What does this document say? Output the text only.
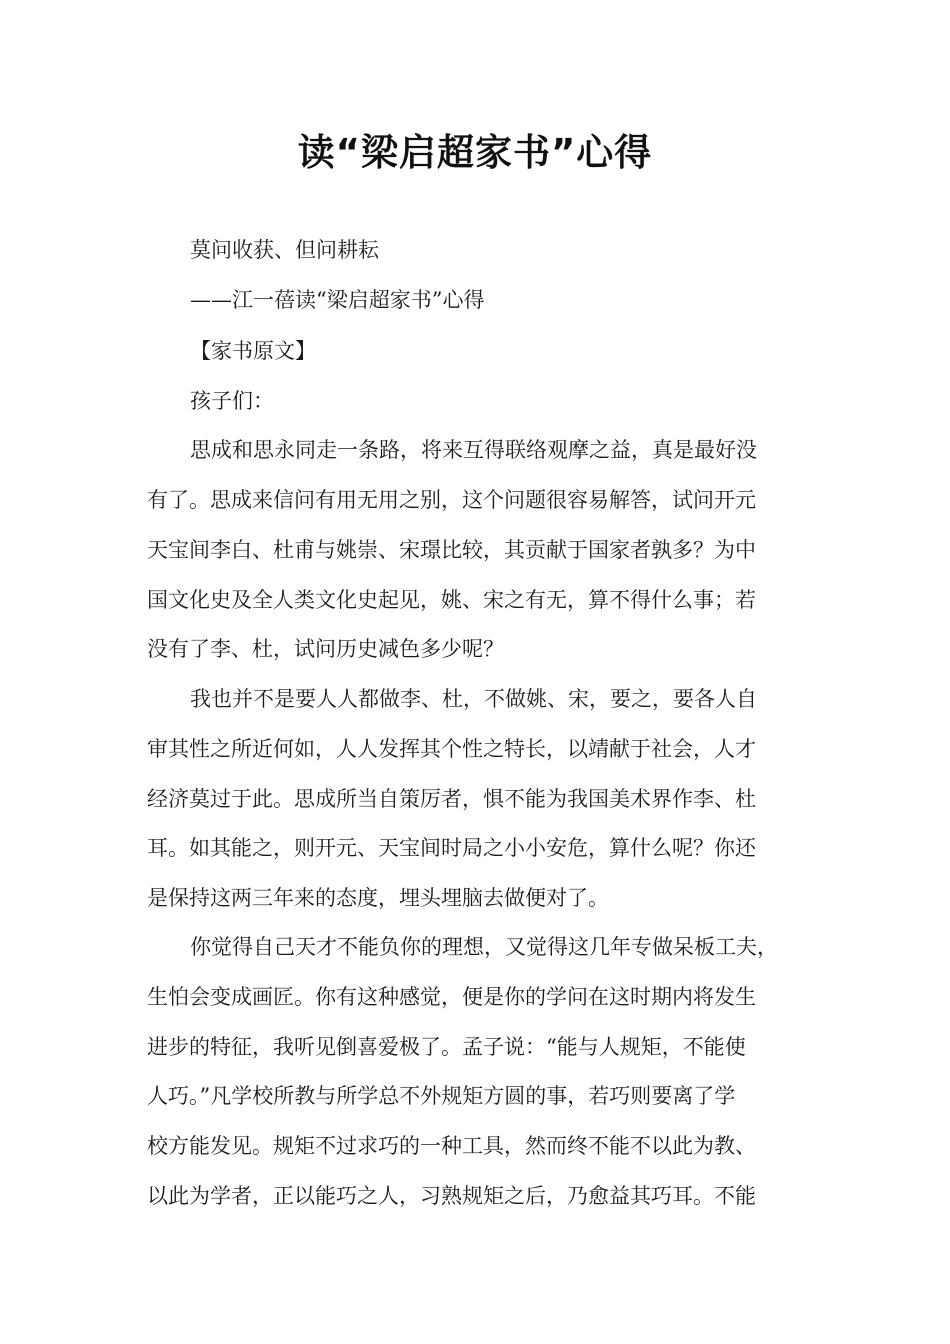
读“梁启超家书”心得
莫问收获、但问耕耘
——江一蓓读“梁启超家书”心得
【家书原文】
孩子们：
思成和思永同走一条路，将来互得联络观摩之益，真是最好没
有了。思成来信问有用无用之别，这个问题很容易解答，试问开元
天宝间李白、杜甫与姚崇、宋璟比较，其贡献于国家者孰多？为中
国文化史及全人类文化史起见，姚、宋之有无，算不得什么事；若
没有了李、杜，试问历史减色多少呢？
我也并不是要人人都做李、杜，不做姚、宋，要之，要各人自
审其性之所近何如，人人发挥其个性之特长，以靖献于社会，人才
经济莫过于此。思成所当自策厉者，惧不能为我国美术界作李、杜
耳。如其能之，则开元、天宝间时局之小小安危，算什么呢？你还
是保持这两三年来的态度，埋头埋脑去做便对了。
你觉得自己天才不能负你的理想，又觉得这几年专做呆板工夫，
生怕会变成画匠。你有这种感觉，便是你的学问在这时期内将发生
进步的特征，我听见倒喜爱极了。孟子说：“能与人规矩，不能使
人巧。”凡学校所教与所学总不外规矩方圆的事，若巧则要离了学
校方能发见。规矩不过求巧的一种工具，然而终不能不以此为教、
以此为学者，正以能巧之人，习熟规矩之后，乃愈益其巧耳。不能
